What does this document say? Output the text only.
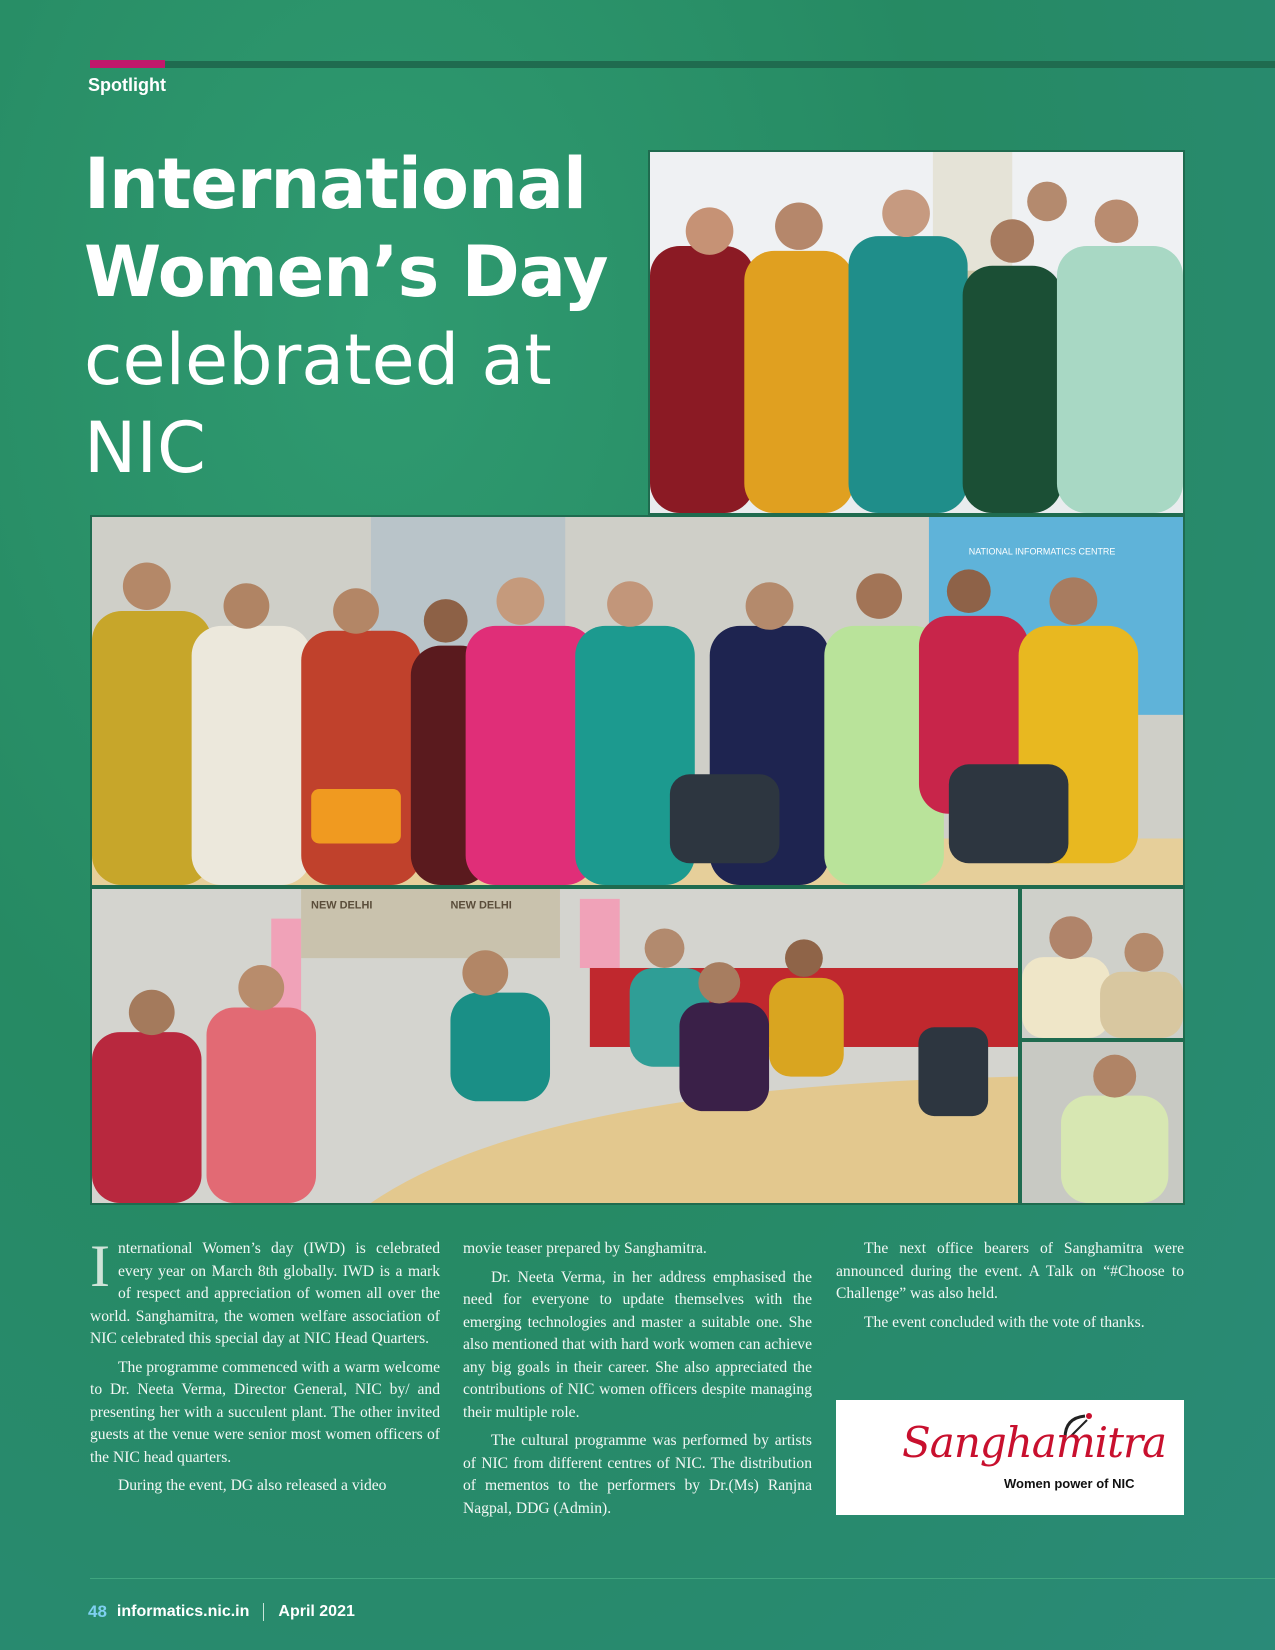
Spotlight
International
Women’s Day
celebrated at
NIC
NATIONAL INFORMATICS CENTRE
NEW DELHI	NEW DELHI

International Women’s day (IWD) is celebrated every year on March 8th globally. IWD is a mark of respect and appreciation of women all over the world. Sanghamitra, the women welfare association of NIC celebrated this special day at NIC Head Quarters.

The programme commenced with a warm welcome to Dr. Neeta Verma, Director General, NIC by/ and presenting her with a succulent plant. The other invited guests at the venue were senior most women officers of the NIC head quarters.

During the event, DG also released a video

movie teaser prepared by Sanghamitra.

Dr. Neeta Verma, in her address emphasised the need for everyone to update themselves with the emerging technologies and master a suitable one. She also mentioned that with hard work women can achieve any big goals in their career. She also appreciated the contributions of NIC women officers despite managing their multiple role.

The cultural programme was performed by artists of NIC from different centres of NIC. The distribution of mementos to the performers by Dr.(Ms) Ranjna Nagpal, DDG (Admin).

The next office bearers of Sanghamitra were announced during the event. A Talk on “#Choose to Challenge” was also held.

The event concluded with the vote of thanks.

Sanghamitra
Women power of NIC
48 informatics.nic.in April 2021
